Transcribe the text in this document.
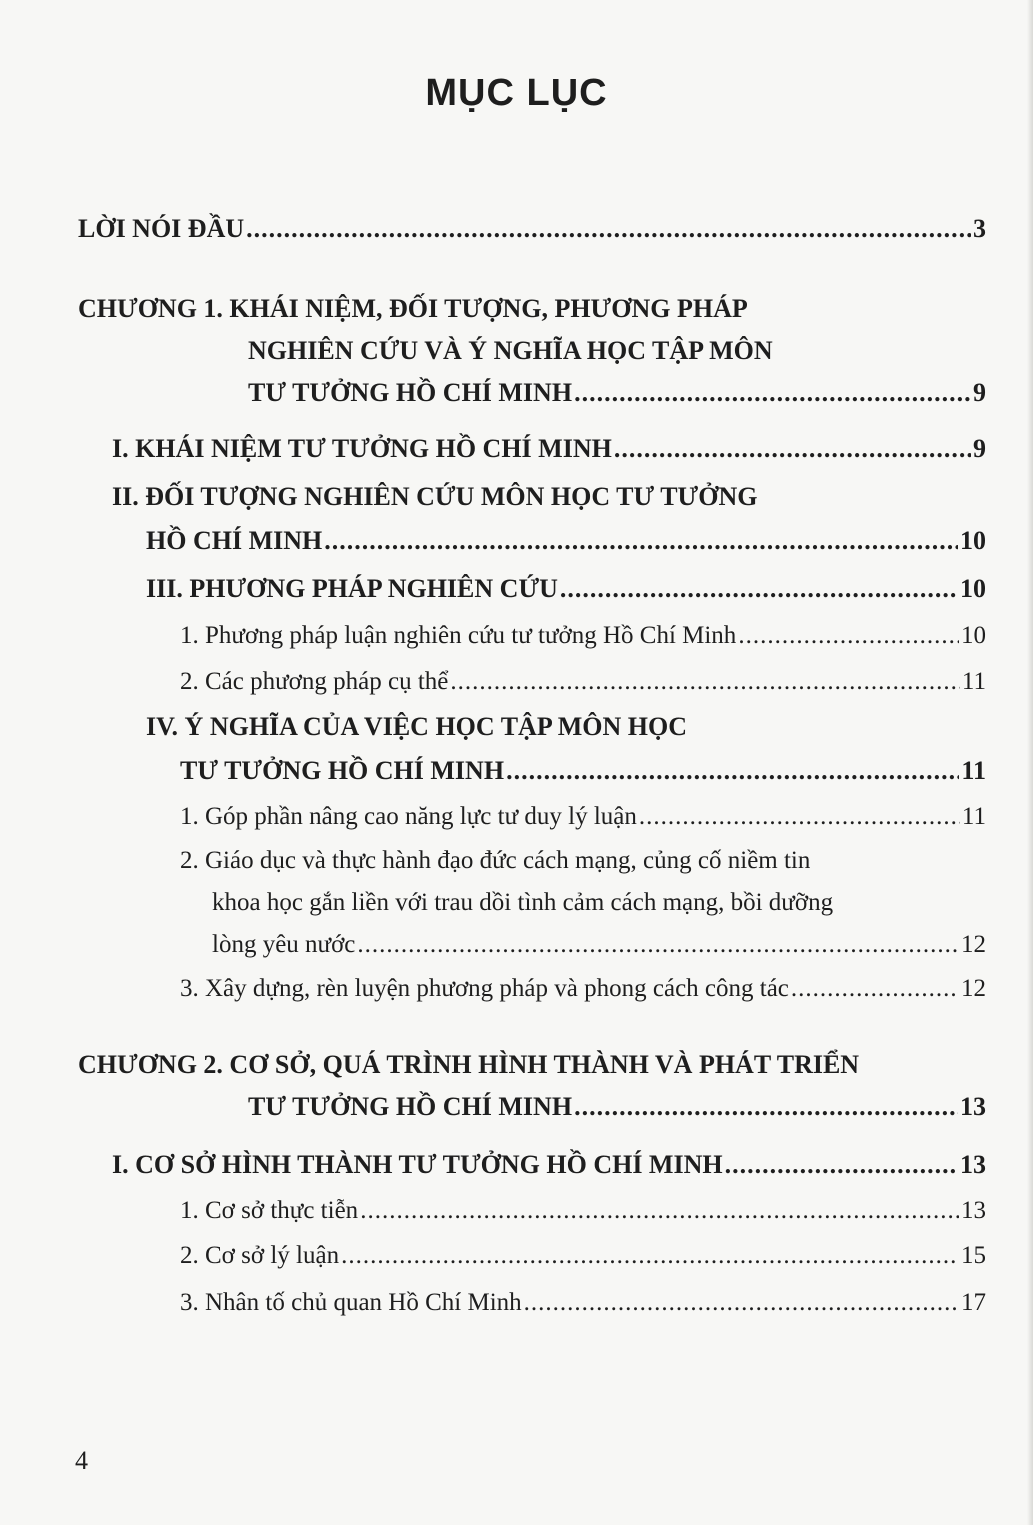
MỤC LỤC
LỜI NÓI ĐẦU .....	3
CHƯƠNG 1. KHÁI NIỆM, ĐỐI TƯỢNG, PHƯƠNG PHÁP
NGHIÊN CỨU VÀ Ý NGHĨA HỌC TẬP MÔN
TƯ TƯỞNG HỒ CHÍ MINH .....	9
I. KHÁI NIỆM TƯ TƯỞNG HỒ CHÍ MINH .....	9
II. ĐỐI TƯỢNG NGHIÊN CỨU MÔN HỌC TƯ TƯỞNG
HỒ CHÍ MINH .....	10
III. PHƯƠNG PHÁP NGHIÊN CỨU .....	10
1. Phương pháp luận nghiên cứu tư tưởng Hồ Chí Minh .....	10
2. Các phương pháp cụ thể .....	11
IV. Ý NGHĨA CỦA VIỆC HỌC TẬP MÔN HỌC
TƯ TƯỞNG HỒ CHÍ MINH .....	11
1. Góp phần nâng cao năng lực tư duy lý luận .....	11
2. Giáo dục và thực hành đạo đức cách mạng, củng cố niềm tin
khoa học gắn liền với trau dồi tình cảm cách mạng, bồi dưỡng
lòng yêu nước .....	12
3. Xây dựng, rèn luyện phương pháp và phong cách công tác .....	12
CHƯƠNG 2. CƠ SỞ, QUÁ TRÌNH HÌNH THÀNH VÀ PHÁT TRIỂN
TƯ TƯỞNG HỒ CHÍ MINH .....	13
I. CƠ SỞ HÌNH THÀNH TƯ TƯỞNG HỒ CHÍ MINH .....	13
1. Cơ sở thực tiễn .....	13
2. Cơ sở lý luận .....	15
3. Nhân tố chủ quan Hồ Chí Minh .....	17
4
